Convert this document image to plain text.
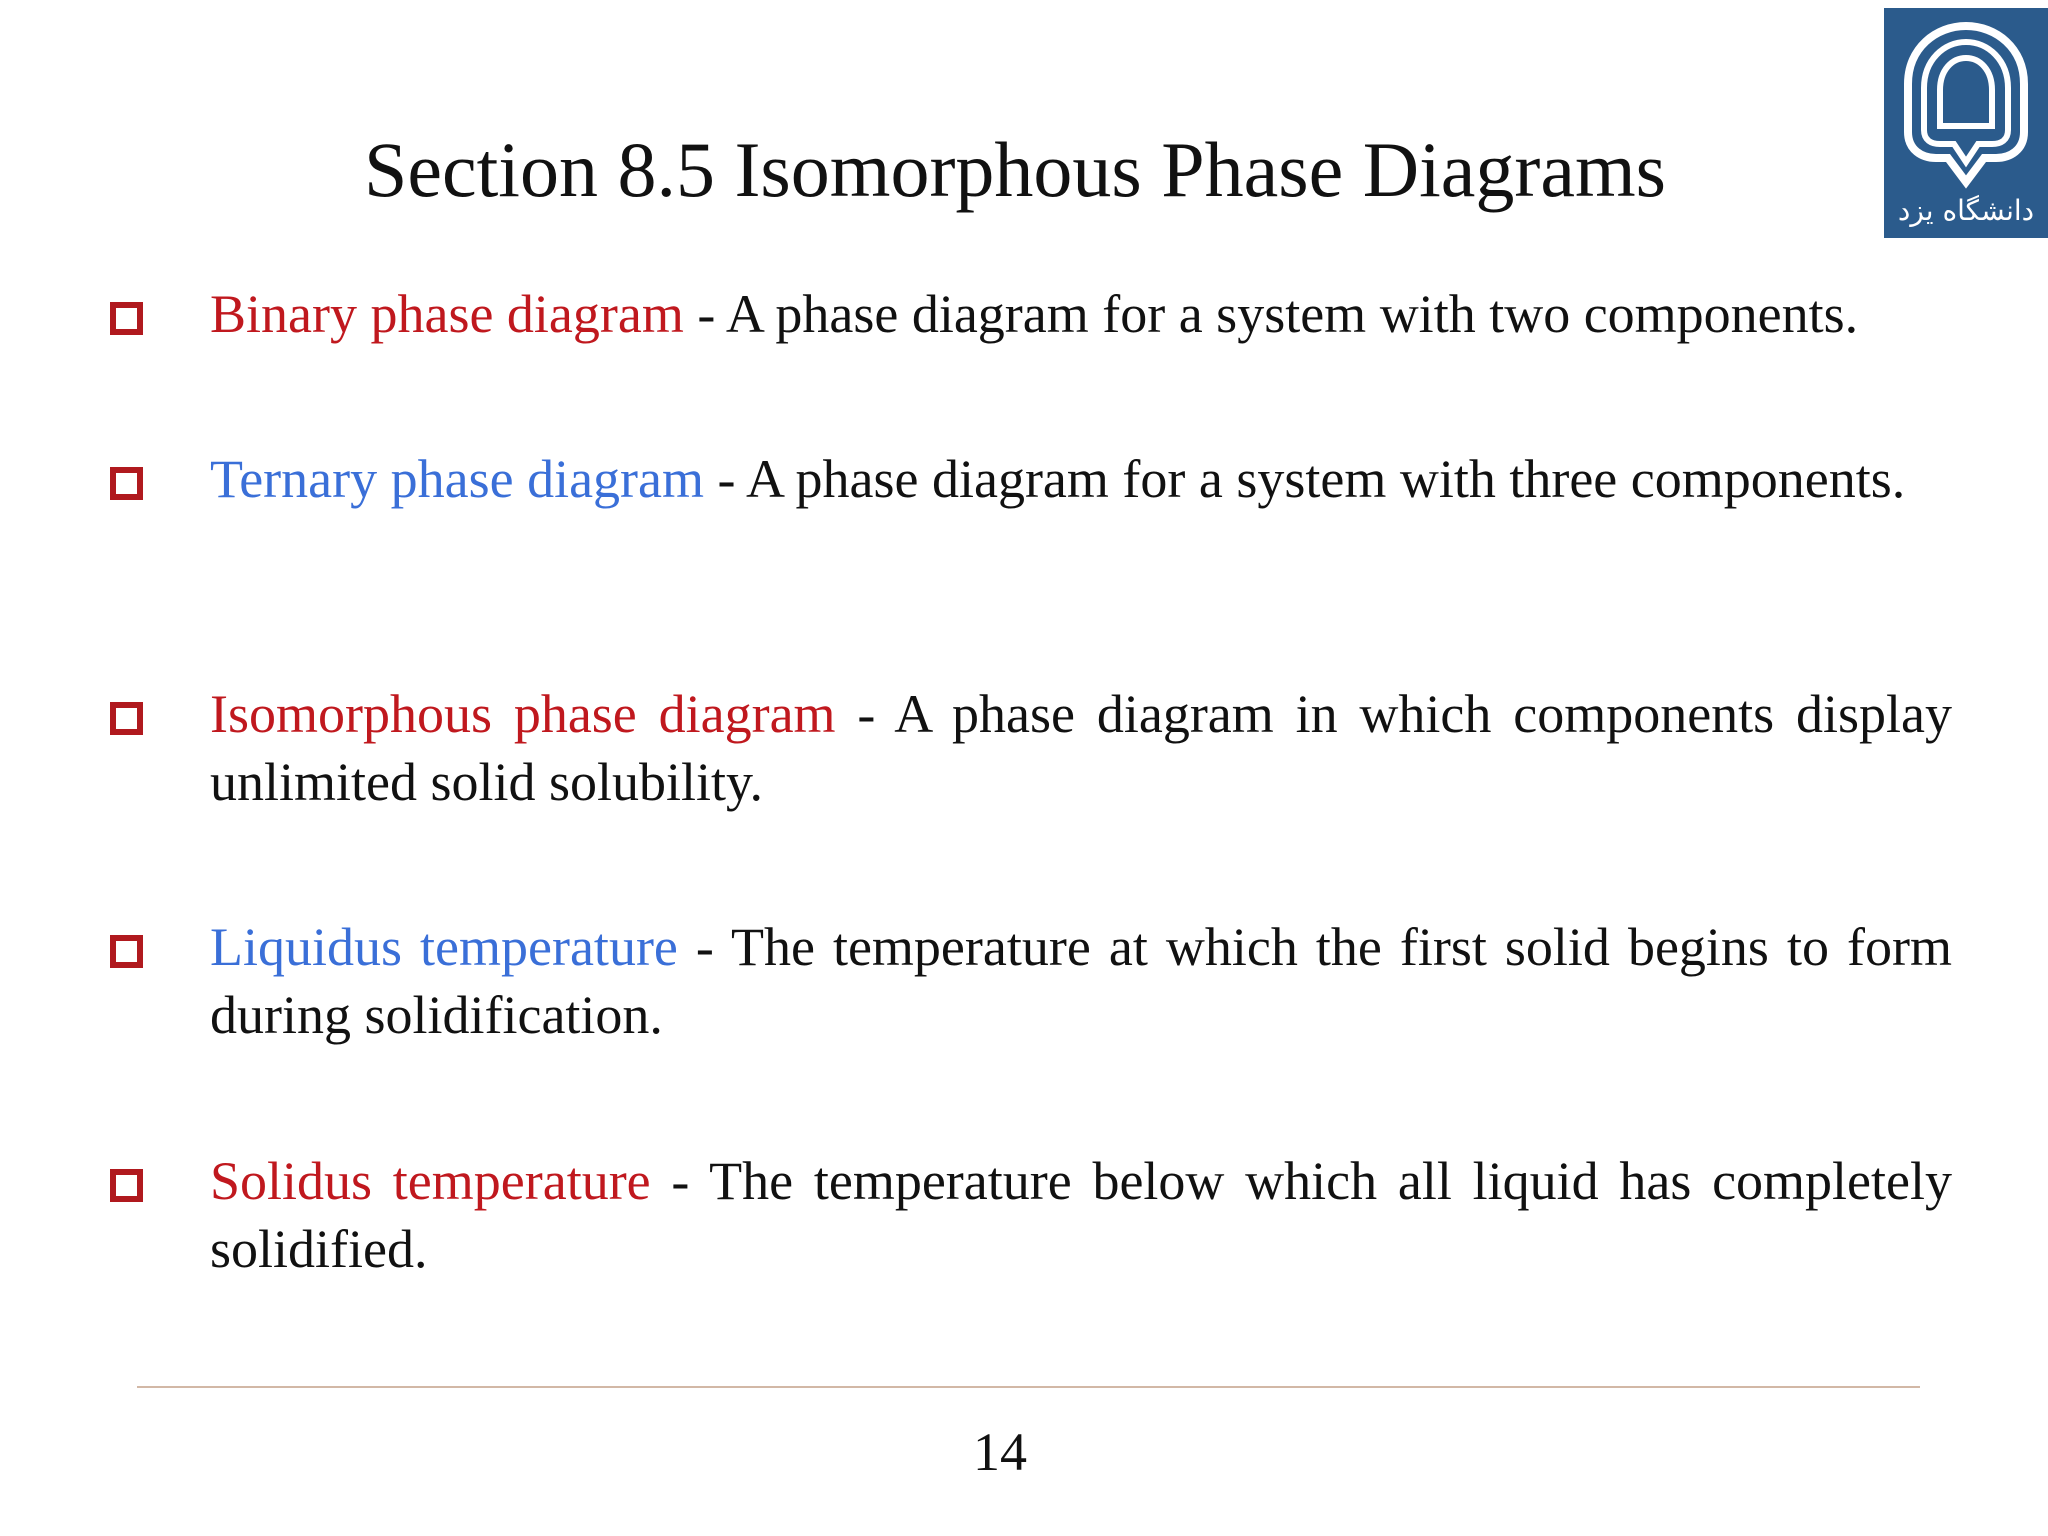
Section 8.5 Isomorphous Phase Diagrams	دانشگاه یزد
Binary phase diagram - A phase diagram for a system with two components.
Ternary phase diagram - A phase diagram for a system with three components.
Isomorphous phase diagram - A phase diagram in which components display unlimited solid solubility.
Liquidus temperature - The temperature at which the first solid begins to form during solidification.
Solidus temperature - The temperature below which all liquid has completely solidified.
14
